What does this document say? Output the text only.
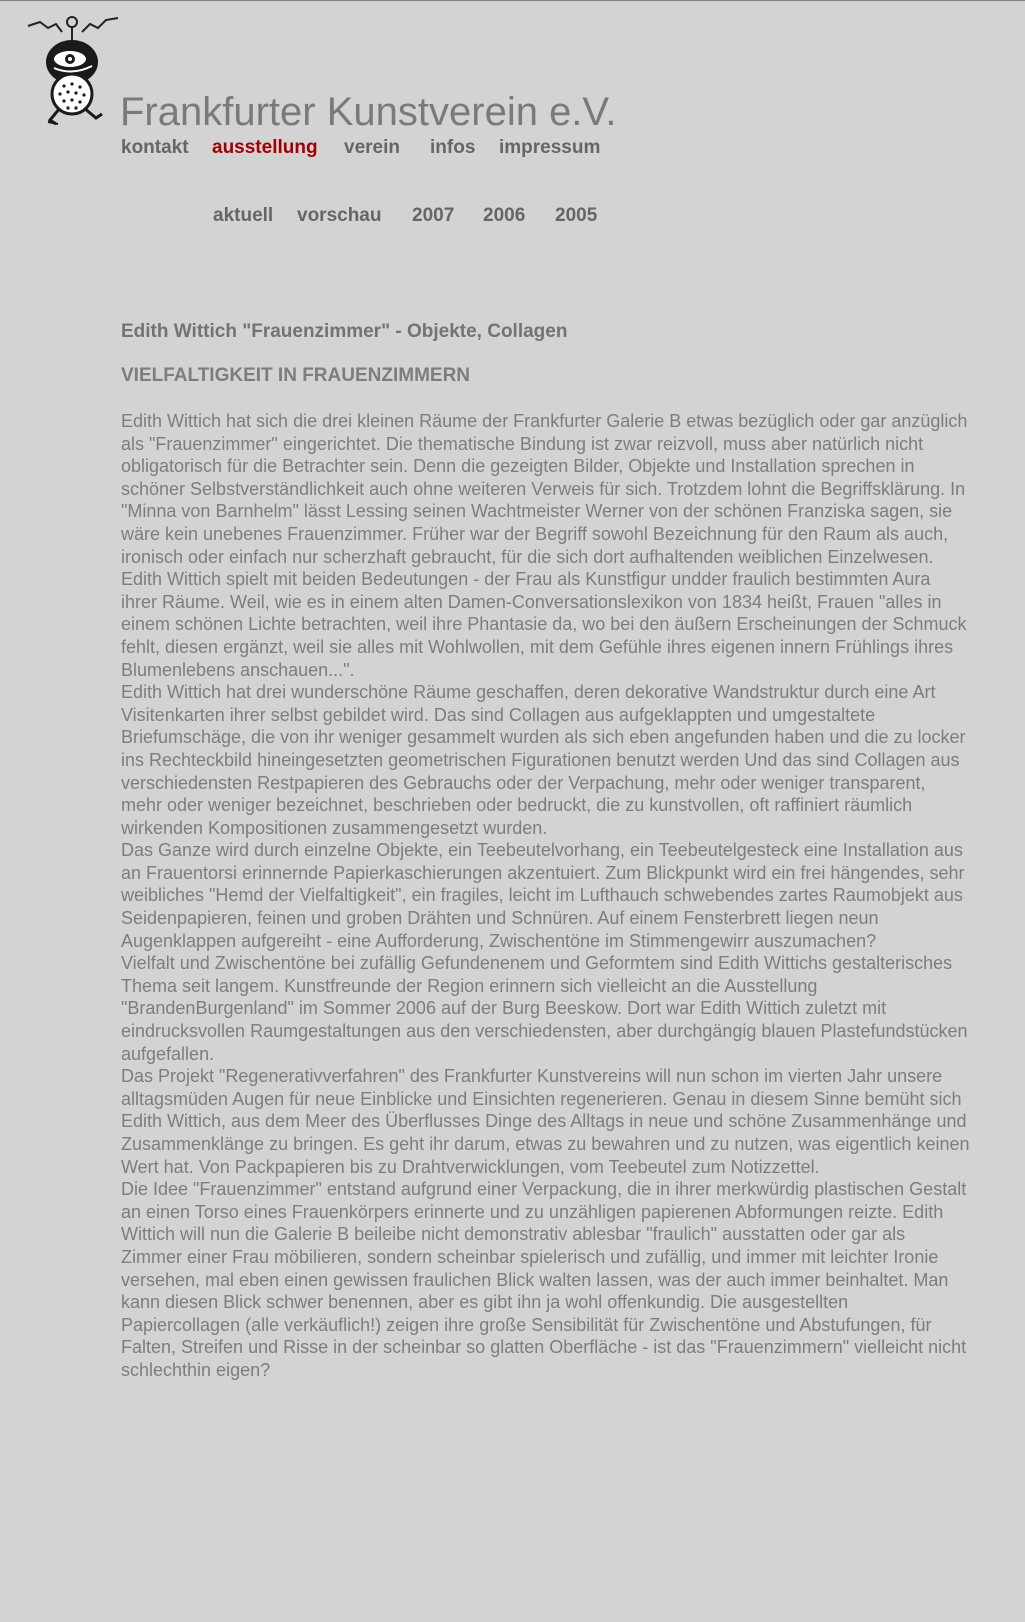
Frankfurter Kunstverein e.V.
kontakt ausstellung verein infos impressum
aktuell vorschau 2007 2006 2005
Edith Wittich "Frauenzimmer" - Objekte, Collagen
VIELFALTIGKEIT IN FRAUENZIMMERN

Edith Wittich hat sich die drei kleinen Räume der Frankfurter Galerie B etwas bezüglich oder gar anzüglich als "Frauenzimmer" eingerichtet. Die thematische Bindung ist zwar reizvoll, muss aber natürlich nicht obligatorisch für die Betrachter sein. Denn die gezeigten Bilder, Objekte und Installation sprechen in schöner Selbstverständlichkeit auch ohne weiteren Verweis für sich. Trotzdem lohnt die Begriffsklärung. In "Minna von Barnhelm" lässt Lessing seinen Wachtmeister Werner von der schönen Franziska sagen, sie wäre kein unebenes Frauenzimmer. Früher war der Begriff sowohl Bezeichnung für den Raum als auch, ironisch oder einfach nur scherzhaft gebraucht, für die sich dort aufhaltenden weiblichen Einzelwesen. Edith Wittich spielt mit beiden Bedeutungen - der Frau als Kunstfigur undder fraulich bestimmten Aura ihrer Räume. Weil, wie es in einem alten Damen-Conversationslexikon von 1834 heißt, Frauen "alles in einem schönen Lichte betrachten, weil ihre Phantasie da, wo bei den äußern Erscheinungen der Schmuck fehlt, diesen ergänzt, weil sie alles mit Wohlwollen, mit dem Gefühle ihres eigenen innern Frühlings ihres Blumenlebens anschauen...".

Edith Wittich hat drei wunderschöne Räume geschaffen, deren dekorative Wandstruktur durch eine Art Visitenkarten ihrer selbst gebildet wird. Das sind Collagen aus aufgeklappten und umgestaltete Briefumschäge, die von ihr weniger gesammelt wurden als sich eben angefunden haben und die zu locker ins Rechteckbild hineingesetzten geometrischen Figurationen benutzt werden Und das sind Collagen aus verschiedensten Restpapieren des Gebrauchs oder der Verpachung, mehr oder weniger transparent, mehr oder weniger bezeichnet, beschrieben oder bedruckt, die zu kunstvollen, oft raffiniert räumlich wirkenden Kompositionen zusammengesetzt wurden.

Das Ganze wird durch einzelne Objekte, ein Teebeutelvorhang, ein Teebeutelgesteck eine Installation aus an Frauentorsi erinnernde Papierkaschierungen akzentuiert. Zum Blickpunkt wird ein frei hängendes, sehr weibliches "Hemd der Vielfaltigkeit", ein fragiles, leicht im Lufthauch schwebendes zartes Raumobjekt aus Seidenpapieren, feinen und groben Drähten und Schnüren. Auf einem Fensterbrett liegen neun Augenklappen aufgereiht - eine Aufforderung, Zwischentöne im Stimmengewirr auszumachen?

Vielfalt und Zwischentöne bei zufällig Gefundenenem und Geformtem sind Edith Wittichs gestalterisches Thema seit langem. Kunstfreunde der Region erinnern sich vielleicht an die Ausstellung "BrandenBurgenland" im Sommer 2006 auf der Burg Beeskow. Dort war Edith Wittich zuletzt mit eindrucksvollen Raumgestaltungen aus den verschiedensten, aber durchgängig blauen Plastefundstücken aufgefallen.

Das Projekt "Regenerativverfahren" des Frankfurter Kunstvereins will nun schon im vierten Jahr unsere alltagsmüden Augen für neue Einblicke und Einsichten regenerieren. Genau in diesem Sinne bemüht sich Edith Wittich, aus dem Meer des Überflusses Dinge des Alltags in neue und schöne Zusammenhänge und Zusammenklänge zu bringen. Es geht ihr darum, etwas zu bewahren und zu nutzen, was eigentlich keinen Wert hat. Von Packpapieren bis zu Drahtverwicklungen, vom Teebeutel zum Notizzettel.

Die Idee "Frauenzimmer" entstand aufgrund einer Verpackung, die in ihrer merkwürdig plastischen Gestalt an einen Torso eines Frauenkörpers erinnerte und zu unzähligen papierenen Abformungen reizte. Edith Wittich will nun die Galerie B beileibe nicht demonstrativ ablesbar "fraulich" ausstatten oder gar als Zimmer einer Frau möbilieren, sondern scheinbar spielerisch und zufällig, und immer mit leichter Ironie versehen, mal eben einen gewissen fraulichen Blick walten lassen, was der auch immer beinhaltet. Man kann diesen Blick schwer benennen, aber es gibt ihn ja wohl offenkundig. Die ausgestellten Papiercollagen (alle verkäuflich!) zeigen ihre große Sensibilität für Zwischentöne und Abstufungen, für Falten, Streifen und Risse in der scheinbar so glatten Oberfläche - ist das "Frauenzimmern" vielleicht nicht schlechthin eigen?
